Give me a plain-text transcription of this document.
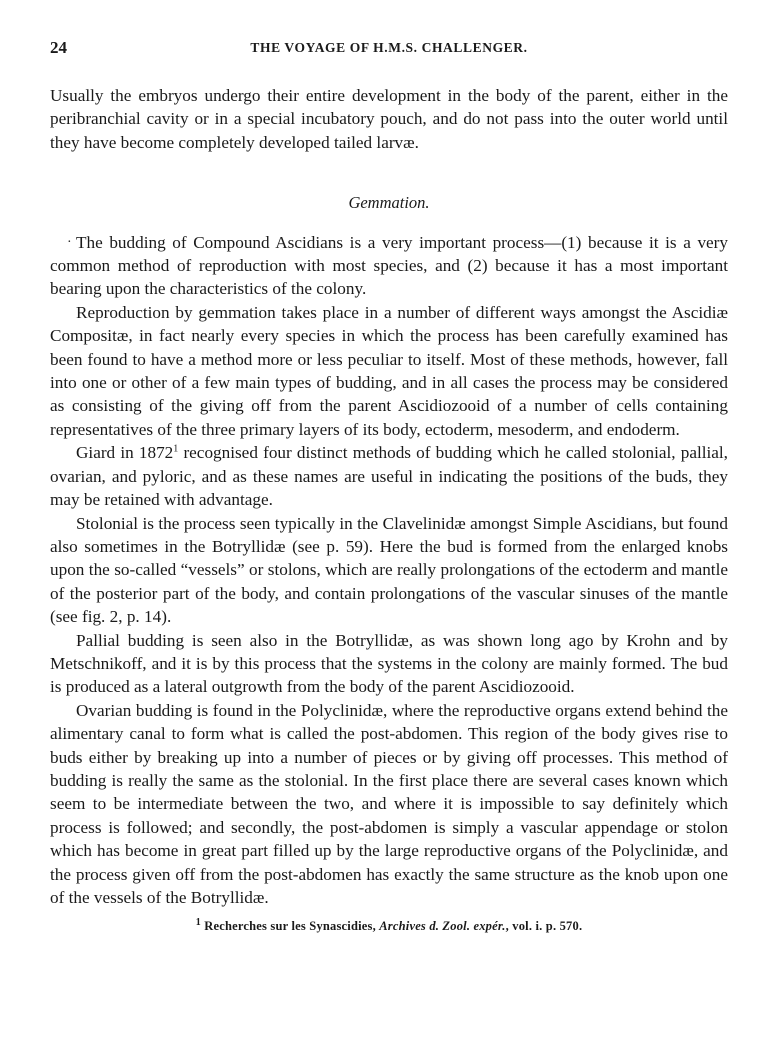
24	THE VOYAGE OF H.M.S. CHALLENGER.

Usually the embryos undergo their entire development in the body of the parent, either in the peribranchial cavity or in a special incubatory pouch, and do not pass into the outer world until they have become completely developed tailed larvæ.

Gemmation.

· The budding of Compound Ascidians is a very important process—(1) because it is a very common method of reproduction with most species, and (2) because it has a most important bearing upon the characteristics of the colony.

Reproduction by gemmation takes place in a number of different ways amongst the Ascidiæ Compositæ, in fact nearly every species in which the process has been carefully examined has been found to have a method more or less peculiar to itself. Most of these methods, however, fall into one or other of a few main types of budding, and in all cases the process may be considered as consisting of the giving off from the parent Ascidiozooid of a number of cells containing representatives of the three primary layers of its body, ectoderm, mesoderm, and endoderm.

Giard in 1872$^1$ recognised four distinct methods of budding which he called stolonial, pallial, ovarian, and pyloric, and as these names are useful in indicating the positions of the buds, they may be retained with advantage.

Stolonial is the process seen typically in the Clavelinidæ amongst Simple Ascidians, but found also sometimes in the Botryllidæ (see p. 59). Here the bud is formed from the enlarged knobs upon the so-called “vessels” or stolons, which are really prolongations of the ectoderm and mantle of the posterior part of the body, and contain prolongations of the vascular sinuses of the mantle (see fig. 2, p. 14).

Pallial budding is seen also in the Botryllidæ, as was shown long ago by Krohn and by Metschnikoff, and it is by this process that the systems in the colony are mainly formed. The bud is produced as a lateral outgrowth from the body of the parent Ascidiozooid.

Ovarian budding is found in the Polyclinidæ, where the reproductive organs extend behind the alimentary canal to form what is called the post-abdomen. This region of the body gives rise to buds either by breaking up into a number of pieces or by giving off processes. This method of budding is really the same as the stolonial. In the first place there are several cases known which seem to be intermediate between the two, and where it is impossible to say definitely which process is followed; and secondly, the post-abdomen is simply a vascular appendage or stolon which has become in great part filled up by the large reproductive organs of the Polyclinidæ, and the process given off from the post-abdomen has exactly the same structure as the knob upon one of the vessels of the Botryllidæ.

$^1$ Recherches sur les Synascidies, Archives d. Zool. expér., vol. i. p. 570.
